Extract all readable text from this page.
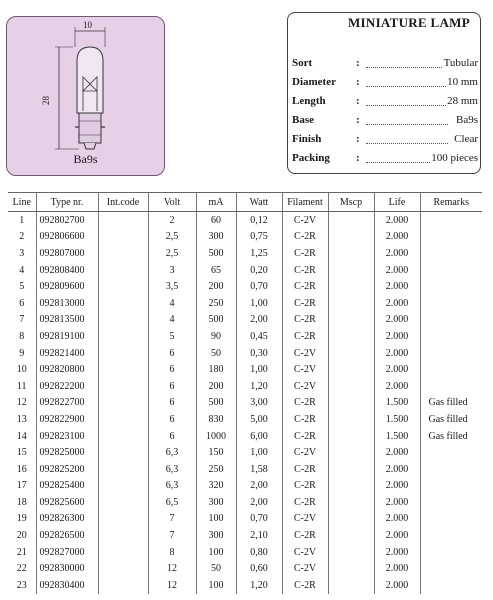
10
28
Ba9s
MINIATURE LAMP
Sort	:	Tubular
Diameter :	10 mm
Length	:	28 mm
Base	:	Ba9s
Finish	:	Clear
Packing :	100 pieces
Line	Type nr.	Int.code	Volt	mA	Watt	Filament	Mscp	Life	Remarks
1	092802700		2	60	0,12	C-2V		2.000	
2	092806600		2,5	300	0,75	C-2R		2.000	
3	092807000		2,5	500	1,25	C-2R		2.000	
4	092808400		3	65	0,20	C-2R		2.000	
5	092809600		3,5	200	0,70	C-2R		2.000	
6	092813000		4	250	1,00	C-2R		2.000	
7	092813500		4	500	2,00	C-2R		2.000	
8	092819100		5	90	0,45	C-2R		2.000	
9	092821400		6	50	0,30	C-2V		2.000	
10	092820800		6	180	1,00	C-2V		2.000	
11	092822200		6	200	1,20	C-2V		2.000	
12	092822700		6	500	3,00	C-2R		1.500	Gas filled
13	092822900		6	830	5,00	C-2R		1.500	Gas filled
14	092823100		6	1000	6,00	C-2R		1.500	Gas filled
15	092825000		6,3	150	1,00	C-2V		2.000	
16	092825200		6,3	250	1,58	C-2R		2.000	
17	092825400		6,3	320	2,00	C-2R		2.000	
18	092825600		6,5	300	2,00	C-2R		2.000	
19	092826300		7	100	0,70	C-2V		2.000	
20	092826500		7	300	2,10	C-2R		2.000	
21	092827000		8	100	0,80	C-2V		2.000	
22	092830000		12	50	0,60	C-2V		2.000	
23	092830400		12	100	1,20	C-2R		2.000	
